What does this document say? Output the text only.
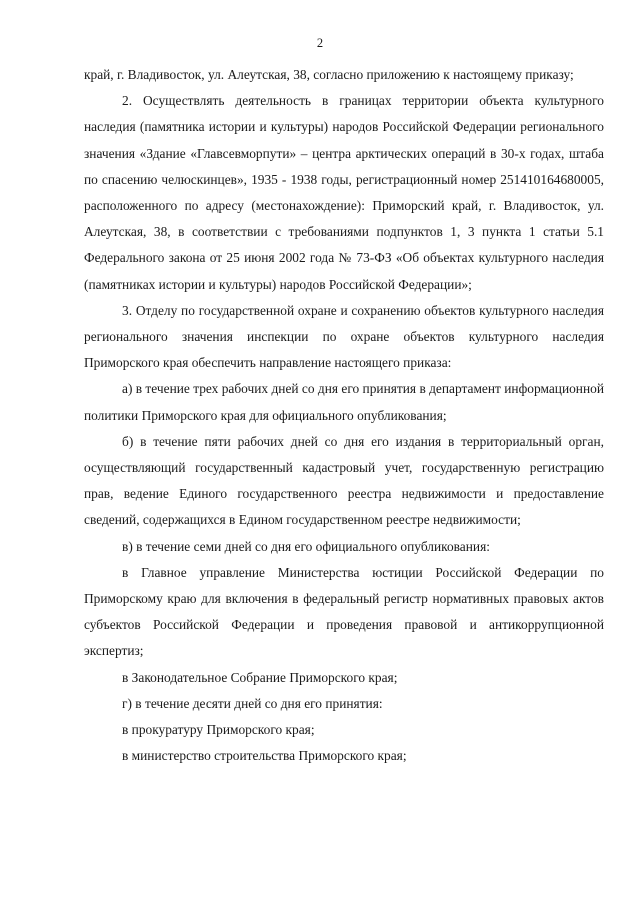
2

край, г. Владивосток, ул. Алеутская, 38, согласно приложению к настоящему приказу;

2. Осуществлять деятельность в границах территории объекта культурного наследия (памятника истории и культуры) народов Российской Федерации регионального значения «Здание «Главсевморпути» – центра арктических операций в 30-х годах, штаба по спасению челюскинцев», 1935 - 1938 годы, регистрационный номер 251410164680005, расположенного по адресу (местонахождение): Приморский край, г. Владивосток, ул. Алеутская, 38, в соответствии с требованиями подпунктов 1, 3 пункта 1 статьи 5.1 Федерального закона от 25 июня 2002 года № 73-ФЗ «Об объектах культурного наследия (памятниках истории и культуры) народов Российской Федерации»;

3. Отделу по государственной охране и сохранению объектов культурного наследия регионального значения инспекции по охране объектов культурного наследия Приморского края обеспечить направление настоящего приказа:

а) в течение трех рабочих дней со дня его принятия в департамент информационной политики Приморского края для официального опубликования;

б) в течение пяти рабочих дней со дня его издания в территориальный орган, осуществляющий государственный кадастровый учет, государственную регистрацию прав, ведение Единого государственного реестра недвижимости и предоставление сведений, содержащихся в Едином государственном реестре недвижимости;

в) в течение семи дней со дня его официального опубликования:

в Главное управление Министерства юстиции Российской Федерации по Приморскому краю для включения в федеральный регистр нормативных правовых актов субъектов Российской Федерации и проведения правовой и антикоррупционной экспертиз;

в Законодательное Собрание Приморского края;

г) в течение десяти дней со дня его принятия:

в прокуратуру Приморского края;

в министерство строительства Приморского края;
